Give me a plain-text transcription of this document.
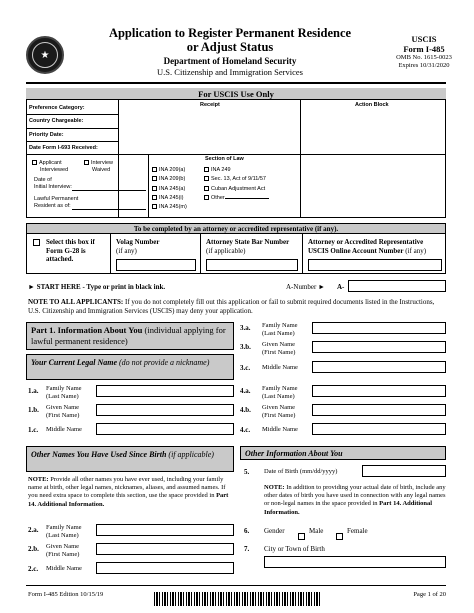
★
Application to Register Permanent Residence
or Adjust Status
Department of Homeland Security
U.S. Citizenship and Immigration Services
USCIS
Form I-485
OMB No. 1615-0023
Expires 10/31/2020
For USCIS Use Only
Receipt	Action Block
Preference Category:
Country Chargeable:
Priority Date:
Date Form I-693 Received:
Applicant
Interviewed
Interview
Waived
Date of
Initial Interview:
Lawful Permanent
Resident as of:
Section of Law
INA 209(a)
INA 209(b)
INA 245(a)
INA 245(i)
INA 245(m)
INA 249
Sec. 13, Act of 9/11/57
Cuban Adjustment Act
Other
To be completed by an attorney or accredited representative (if any).
Select this box if
Form G-28 is
attached.
Volag Number
(if any)
Attorney State Bar Number
(if applicable)
Attorney or Accredited Representative
USCIS Online Account Number (if any)
► START HERE - Type or print in black ink.	A-Number ► A-
NOTE TO ALL APPLICANTS: If you do not completely fill out this application or fail to submit required documents listed in the Instructions, U.S. Citizenship and Immigration Services (USCIS) may deny your application.
Part 1. Information About You (individual applying for lawful permanent residence)
Your Current Legal Name (do not provide a nickname)
1.a. Family Name
(Last Name)
1.b. Given Name
(First Name)
1.c. Middle Name
Other Names You Have Used Since Birth (if applicable)
NOTE: Provide all other names you have ever used, including your family name at birth, other legal names, nicknames, aliases, and assumed names. If you need extra space to complete this section, use the space provided in Part 14. Additional Information.
2.a. Family Name
(Last Name)
2.b. Given Name
(First Name)
2.c. Middle Name
3.a. Family Name
(Last Name)
3.b. Given Name
(First Name)
3.c. Middle Name
4.a. Family Name
(Last Name)
4.b. Given Name
(First Name)
4.c. Middle Name
Other Information About You
5. Date of Birth (mm/dd/yyyy)
NOTE: In addition to providing your actual date of birth, include any other dates of birth you have used in connection with any legal names or non-legal names in the space provided in Part 14. Additional Information.
6. Gender	Male	Female
7. City or Town of Birth
Form I-485 Edition 10/15/19	Page 1 of 20
